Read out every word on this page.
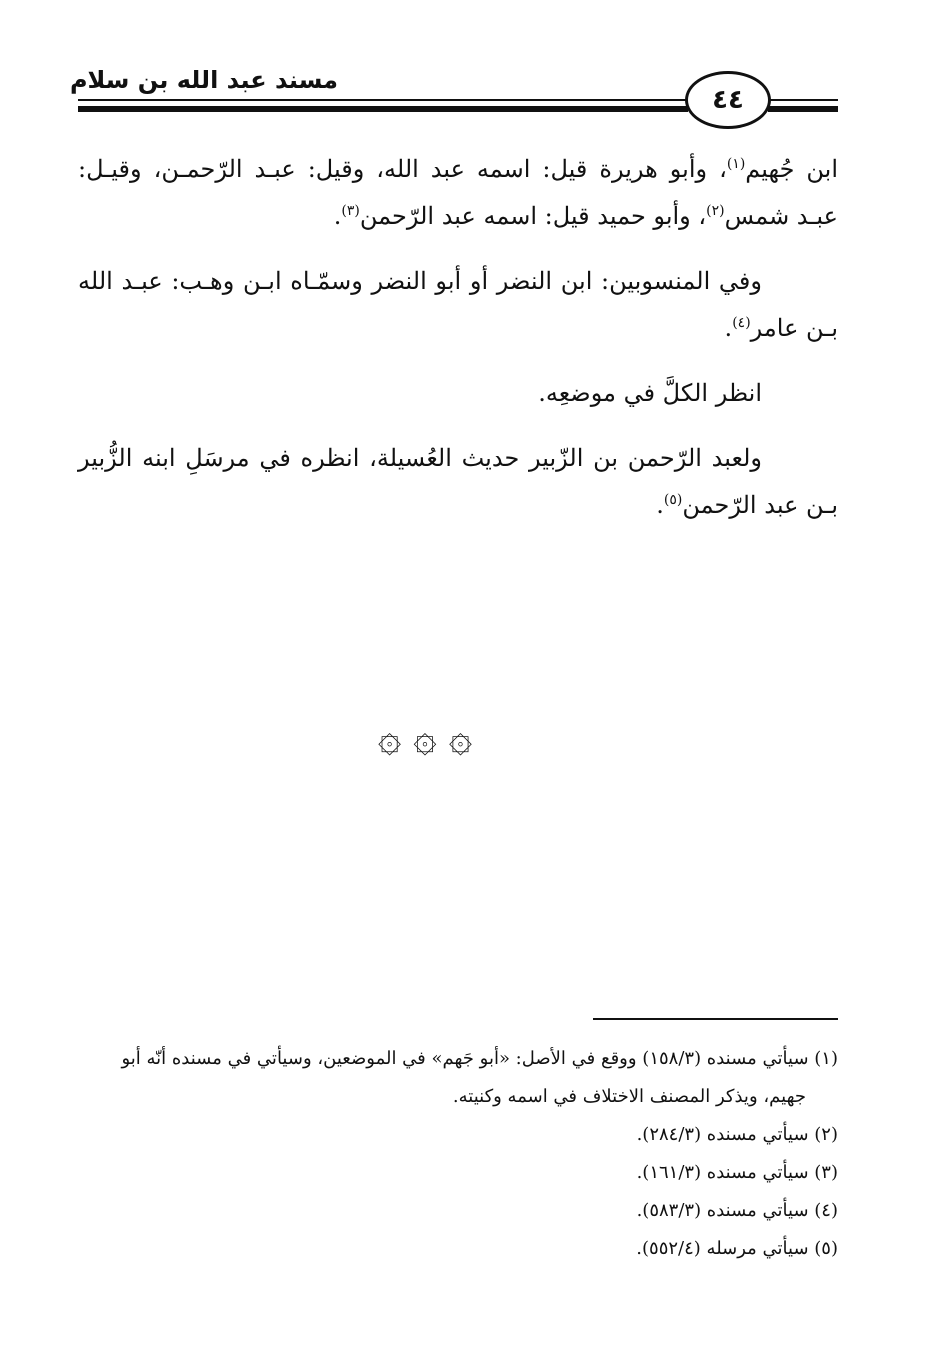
مسند عبد الله بن سلام
٤٤

ابن جُهيم$^{(١)}$، وأبو هريرة قيل: اسمه عبد الله، وقيل: عبـد الرّحمـن، وقيـل: عبـد شمس$^{(٢)}$، وأبو حميد قيل: اسمه عبد الرّحمن$^{(٣)}$.

وفي المنسوبين: ابن النضر أو أبو النضر وسمّـاه ابـن وهـب: عبـد الله بـن عامر$^{(٤)}$.

انظر الكلَّ في موضعِه.

ولعبد الرّحمن بن الزّبير حديث العُسيلة، انظره في مرسَلِ ابنه الزُّبير بـن عبد الرّحمن$^{(٥)}$.

۞ ۞ ۞

(١) سيأتي مسنده (١٥٨/٣) ووقع في الأصل: «أبو جَهم» في الموضعين، وسيأتي في مسنده أنّه أبو
جهيم، ويذكر المصنف الاختلاف في اسمه وكنيته.

(٢) سيأتي مسنده (٢٨٤/٣).

(٣) سيأتي مسنده (١٦١/٣).

(٤) سيأتي مسنده (٥٨٣/٣).

(٥) سيأتي مرسله (٥٥٢/٤).
